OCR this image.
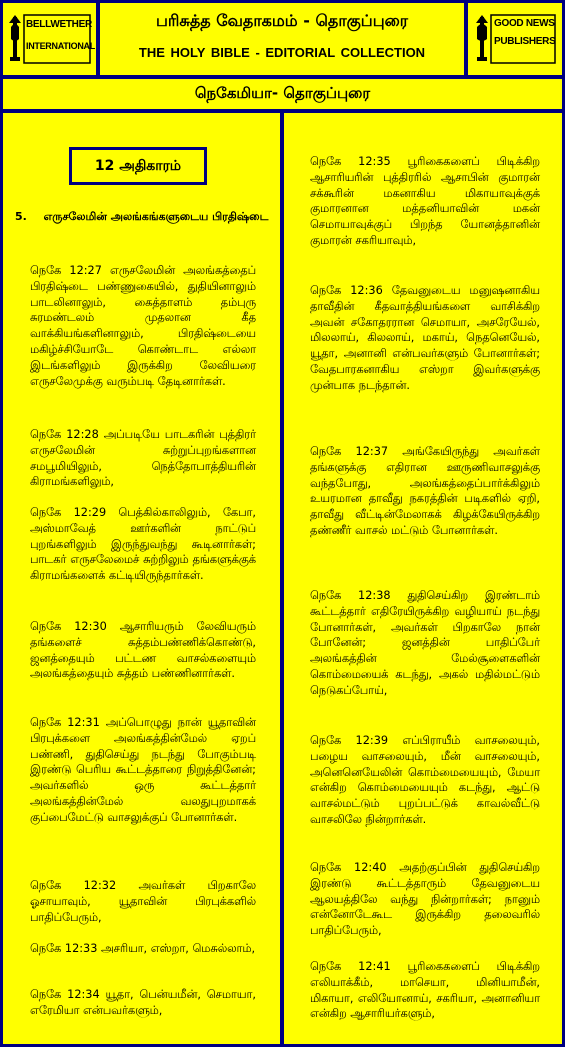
BELLWETHER
INTERNATIONAL
பரிசுத்த வேதாகமம் - தொகுப்புரை
THE HOLY BIBLE - EDITORIAL COLLECTION
GOOD NEWS
PUBLISHERS
நெகேமியா- தொகுப்புரை
12 அதிகாரம்
5. எருசலேமின் அலங்கங்களுடைய பிரதிஷ்டை
நெகே 12:27 எருசலேமின் அலங்கத்தைப் பிரதிஷ்டை பண்ணுகையில், துதியினாலும் பாடலினாலும், கைத்தாளம் தம்புரு சுரமண்டலம் முதலான கீத வாக்கியங்களினாலும், பிரதிஷ்டையை மகிழ்ச்சியோடே கொண்டாட எல்லா இடங்களிலும் இருக்கிற லேவியரை எருசலேமுக்கு வரும்படி தேடினார்கள்.
நெகே 12:28 அப்படியே பாடகரின் புத்திரர் எருசலேமின் சுற்றுப்புறங்களான சமபூமியிலும், நெத்தோபாத்தியரின் கிராமங்களிலும்,
நெகே 12:29 பெத்கில்காலிலும், கேபா, அஸ்மாவேத் ஊர்களின் நாட்டுப் புறங்களிலும் இருந்துவந்து கூடினார்கள்; பாடகர் எருசலேமைச் சுற்றிலும் தங்களுக்குக் கிராமங்களைக் கட்டியிருந்தார்கள்.
நெகே 12:30 ஆசாரியரும் லேவியரும் தங்களைச் சுத்தம்பண்ணிக்கொண்டு, ஜனத்தையும் பட்டண வாசல்களையும் அலங்கத்தையும் சுத்தம் பண்ணினார்கள்.
நெகே 12:31 அப்பொழுது நான் யூதாவின் பிரபுக்களை அலங்கத்தின்மேல் ஏறப் பண்ணி, துதிசெய்து நடந்து போகும்படி இரண்டு பெரிய கூட்டத்தாரை நிறுத்தினேன்; அவர்களில் ஒரு கூட்டத்தார் அலங்கத்தின்மேல் வலதுபுறமாகக் குப்பைமேட்டு வாசலுக்குப் போனார்கள்.
நெகே 12:32 அவர்கள் பிறகாலே ஓசாயாவும், யூதாவின் பிரபுக்களில் பாதிப்பேரும்,
நெகே 12:33 அசரியா, எஸ்றா, மெசுல்லாம்,
நெகே 12:34 யூதா, பென்யமீன், செமாயா, எரேமியா என்பவர்களும்,
நெகே 12:35 பூரிகைகளைப் பிடிக்கிற ஆசாரியரின் புத்திரரில் ஆசாபின் குமாரன் சக்கூரின் மகனாகிய மிகாயாவுக்குக் குமாரனான மத்தனியாவின் மகன் செமாயாவுக்குப் பிறந்த யோனத்தானின் குமாரன் சகரியாவும்,
நெகே 12:36 தேவனுடைய மனுஷனாகிய தாவீதின் கீதவாத்தியங்களை வாசிக்கிற அவன் சகோதரரான செமாயா, அசரேயேல், மிலலாய், கிலலாய், மகாய், நெதனெயேல், யூதா, அனானி என்பவர்களும் போனார்கள்; வேதபாரகனாகிய எஸ்றா இவர்களுக்கு முன்பாக நடந்தான்.
நெகே 12:37 அங்கேயிருந்து அவர்கள் தங்களுக்கு எதிரான ஊருணிவாசலுக்கு வந்தபோது, அலங்கத்தைப்பார்க்கிலும் உயரமான தாவீது நகரத்தின் படிகளில் ஏறி, தாவீது வீட்டின்மேலாகக் கிழக்கேயிருக்கிற தண்ணீர் வாசல் மட்டும் போனார்கள்.
நெகே 12:38 துதிசெய்கிற இரண்டாம் கூட்டத்தார் எதிரேயிருக்கிற வழியாய் நடந்து போனார்கள், அவர்கள் பிறகாலே நான் போனேன்; ஜனத்தின் பாதிப்பேர் அலங்கத்தின் மேல்சூளைகளின் கொம்மையைக் கடந்து, அகல் மதில்மட்டும் நெடுகப்போய்,
நெகே 12:39 எப்பிராயீம் வாசலையும், பழைய வாசலையும், மீன் வாசலையும், அனெனெயேலின் கொம்மையையும், மேயா என்கிற கொம்மையையும் கடந்து, ஆட்டு வாசல்மட்டும் புறப்பட்டுக் காவல்வீட்டு வாசலிலே நின்றார்கள்.
நெகே 12:40 அதற்குப்பின் துதிசெய்கிற இரண்டு கூட்டத்தாரும் தேவனுடைய ஆலயத்திலே வந்து நின்றார்கள்; நானும் என்னோடேகூட இருக்கிற தலைவரில் பாதிப்பேரும்,
நெகே 12:41 பூரிகைகளைப் பிடிக்கிற எலியாக்கீம், மாசெயா, மினியாமீன், மிகாயா, எலியோனாய், சகரியா, அனானியா என்கிற ஆசாரியர்களும்,
